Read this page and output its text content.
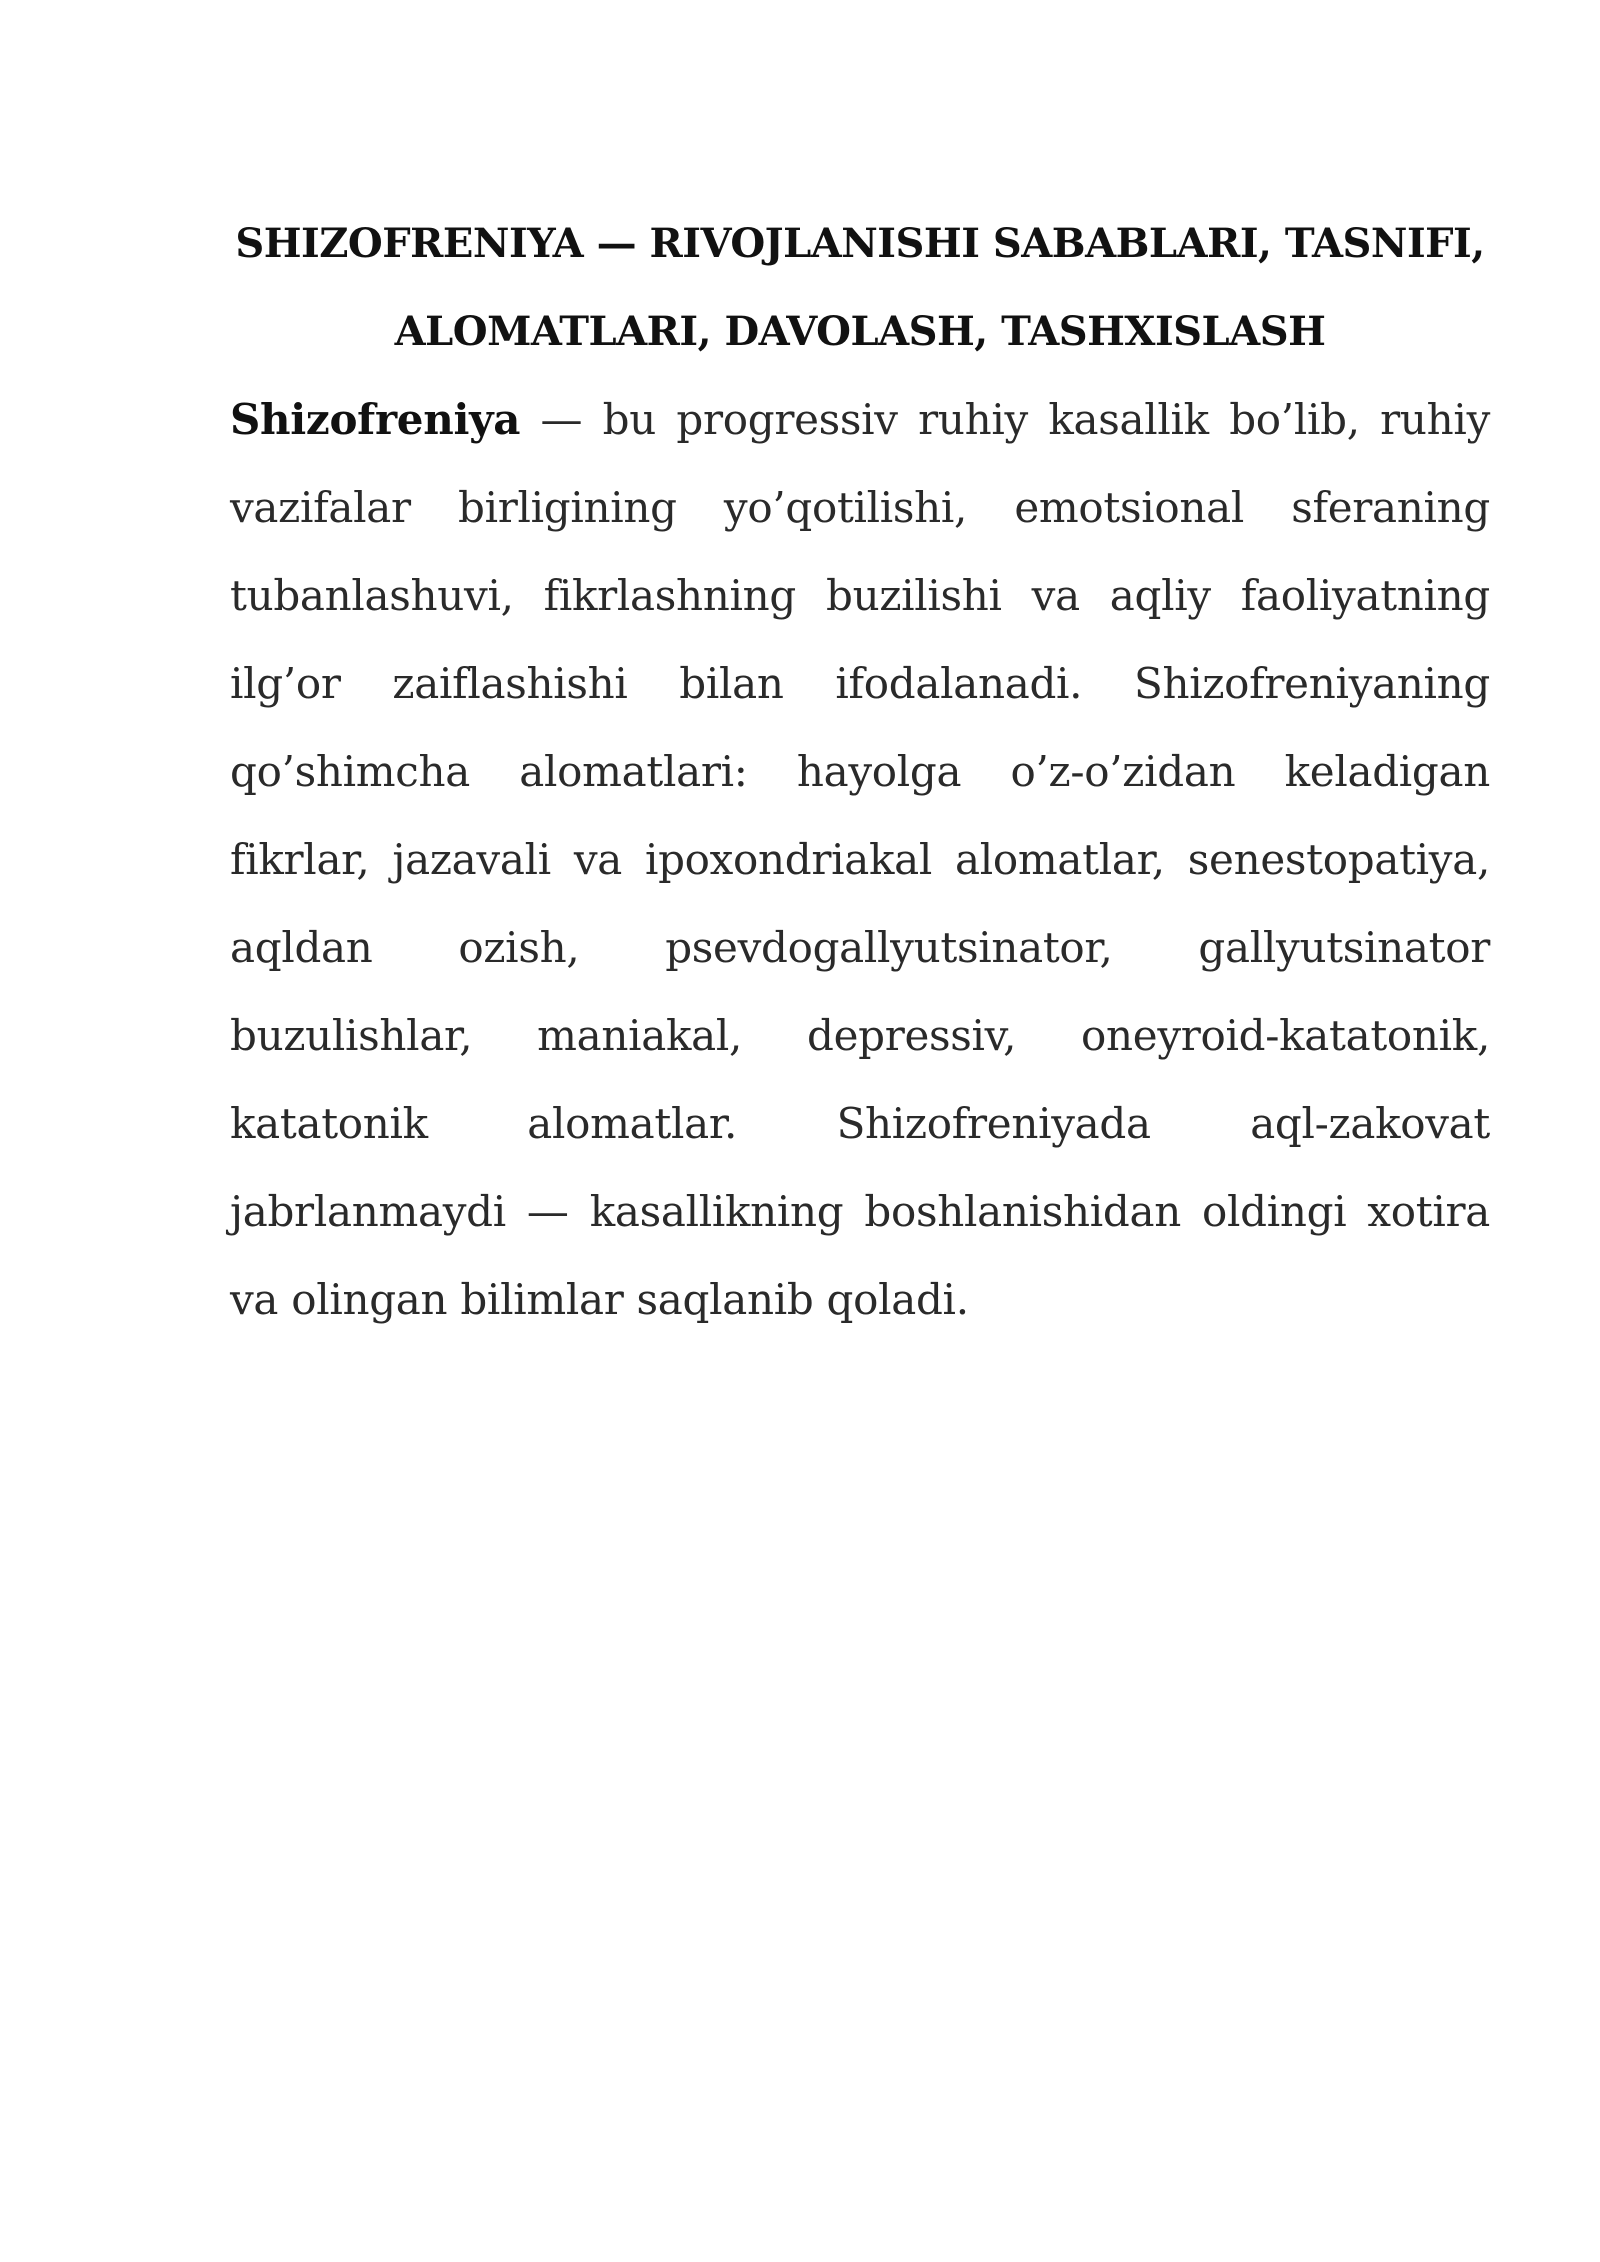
SHIZOFRENIYA — RIVOJLANISHI SABABLARI, TASNIFI,
ALOMATLARI, DAVOLASH, TASHXISLASH

Shizofreniya — bu progressiv ruhiy kasallik bo’lib, ruhiy vazifalar birligining yo’qotilishi, emotsional sferaning tubanlashuvi, fikrlashning buzilishi va aqliy faoliyatning ilg’or zaiflashishi bilan ifodalanadi. Shizofreniyaning qo’shimcha alomatlari: hayolga o’z-o’zidan keladigan fikrlar, jazavali va ipoxondriakal alomatlar, senestopatiya, aqldan ozish, psevdogallyutsinator, gallyutsinator buzulishlar, maniakal, depressiv, oneyroid-katatonik, katatonik alomatlar. Shizofreniyada aql-zakovat jabrlanmaydi — kasallikning boshlanishidan oldingi xotira va olingan bilimlar saqlanib qoladi.
